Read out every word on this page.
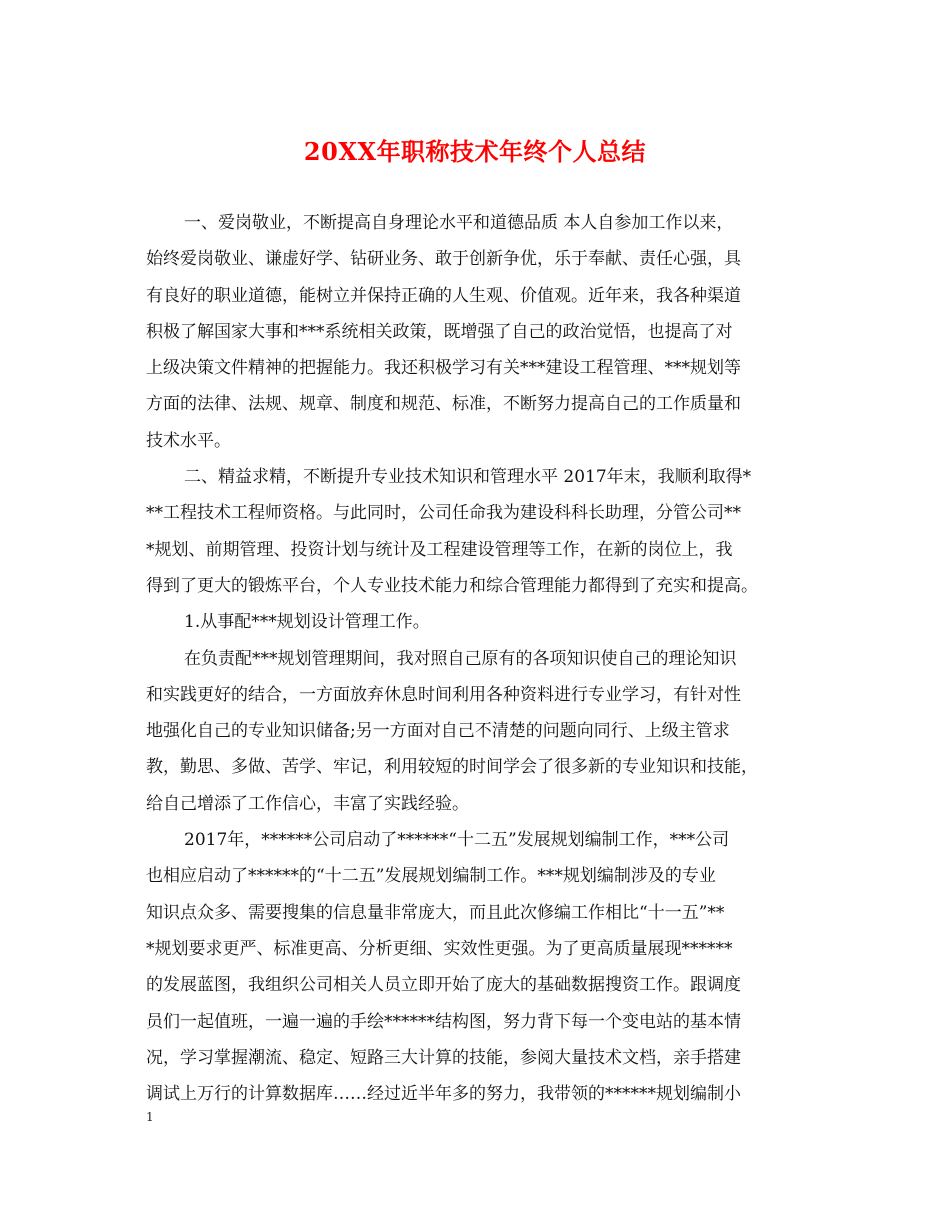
20XX年职称技术年终个人总结
一、爱岗敬业，不断提高自身理论水平和道德品质 本人自参加工作以来，
始终爱岗敬业、谦虚好学、钻研业务、敢于创新争优，乐于奉献、责任心强，具
有良好的职业道德，能树立并保持正确的人生观、价值观。近年来，我各种渠道
积极了解国家大事和***系统相关政策，既增强了自己的政治觉悟，也提高了对
上级决策文件精神的把握能力。我还积极学习有关***建设工程管理、***规划等
方面的法律、法规、规章、制度和规范、标准，不断努力提高自己的工作质量和
技术水平。
二、精益求精，不断提升专业技术知识和管理水平 2017年末，我顺利取得*
**工程技术工程师资格。与此同时，公司任命我为建设科科长助理，分管公司**
*规划、前期管理、投资计划与统计及工程建设管理等工作，在新的岗位上，我
得到了更大的锻炼平台，个人专业技术能力和综合管理能力都得到了充实和提高。
1.从事配***规划设计管理工作。
在负责配***规划管理期间，我对照自己原有的各项知识使自己的理论知识
和实践更好的结合，一方面放弃休息时间利用各种资料进行专业学习，有针对性
地强化自己的专业知识储备;另一方面对自己不清楚的问题向同行、上级主管求
教，勤思、多做、苦学、牢记，利用较短的时间学会了很多新的专业知识和技能，
给自己增添了工作信心，丰富了实践经验。
2017年，******公司启动了******“十二五”发展规划编制工作，***公司
也相应启动了******的“十二五”发展规划编制工作。***规划编制涉及的专业
知识点众多、需要搜集的信息量非常庞大，而且此次修编工作相比“十一五”**
*规划要求更严、标准更高、分析更细、实效性更强。为了更高质量展现******
的发展蓝图，我组织公司相关人员立即开始了庞大的基础数据搜资工作。跟调度
员们一起值班，一遍一遍的手绘******结构图，努力背下每一个变电站的基本情
况，学习掌握潮流、稳定、短路三大计算的技能，参阅大量技术文档，亲手搭建
调试上万行的计算数据库……经过近半年多的努力，我带领的******规划编制小
1
